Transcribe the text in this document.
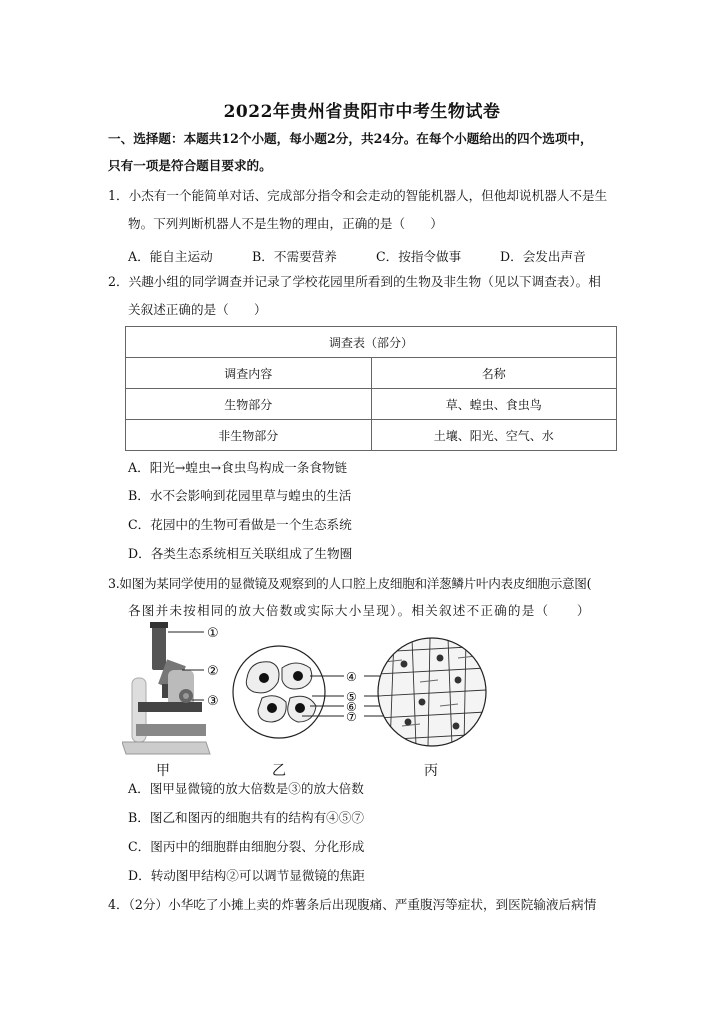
2022年贵州省贵阳市中考生物试卷
一、选择题：本题共12个小题，每小题2分，共24分。在每个小题给出的四个选项中，
只有一项是符合题目要求的。
1．小杰有一个能简单对话、完成部分指令和会走动的智能机器人，但他却说机器人不是生
物。下列判断机器人不是生物的理由，正确的是（　　）
A．能自主运动	B．不需要营养	C．按指令做事	D．会发出声音
2．兴趣小组的同学调查并记录了学校花园里所看到的生物及非生物（见以下调查表）。相
关叙述正确的是（　　）
调查表（部分）	
调查内容	名称
生物部分	草、蝗虫、食虫鸟
非生物部分	土壤、阳光、空气、水
A．阳光→蝗虫→食虫鸟构成一条食物链
B．水不会影响到花园里草与蝗虫的生活
C．花园中的生物可看做是一个生态系统
D．各类生态系统相互关联组成了生物圈
3.如图为某同学使用的显微镜及观察到的人口腔上皮细胞和洋葱鳞片叶内表皮细胞示意图(
各图并未按相同的放大倍数或实际大小呈现）。相关叙述不正确的是（　　）
①
②
③
④
⑤
⑥
⑦
甲	乙	丙
A．图甲显微镜的放大倍数是③的放大倍数
B．图乙和图丙的细胞共有的结构有④⑤⑦
C．图丙中的细胞群由细胞分裂、分化形成
D．转动图甲结构②可以调节显微镜的焦距
4．（2分）小华吃了小摊上卖的炸薯条后出现腹痛、严重腹泻等症状，到医院输液后病情
